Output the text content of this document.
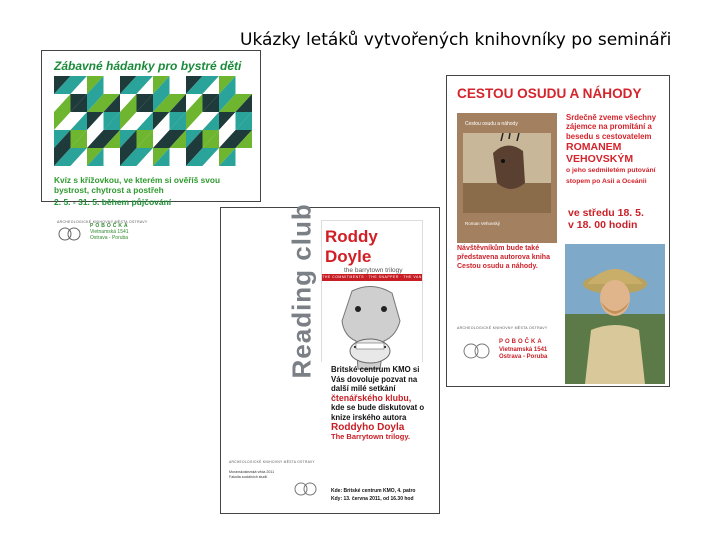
Ukázky letáků vytvořených knihovníky po semináři
Zábavné hádanky pro bystré děti
Kvíz s křížovkou, ve kterém si ověříš svou bystrost, chytrost a postřeh
2. 5. - 31. 5. během půjčování
ARCHEOLOGICKÉ KNIHOVNY MĚSTA OSTRAVY
POBOČKA
Vietnamská 1541
Ostrava - Poruba	Reading club Roddy Doyle
the barrytown trilogy
THE COMMITMENTS · THE SNAPPER · THE VAN
Britské centrum KMO si Vás dovoluje pozvat na další milé setkání
čtenářského klubu,
kde se bude diskutovat o knize irského autora
Roddyho Doyla
The Barrytown trilogy.
ARCHEOLOGICKÉ KNIHOVNY MĚSTA OSTRAVY
Moravskoslezská věda 2011
Fakulta sociálních studií
Kde: Britské centrum KMO, 4. patro
Kdy: 13. června 2011, od 16.30 hod
CESTOU OSUDU A NÁHODY
Cestou osudu a náhody
Roman Vehovský
Srdečně zveme všechny zájemce na promítání a besedu s cestovatelem
ROMANEM
VEHOVSKÝM
o jeho sedmiletém putování stopem po Asii a Oceánii
ve středu 18. 5.
v 18. 00 hodin
Návštěvníkům bude také představena autorova kniha
Cestou osudu a náhody.
ARCHEOLOGICKÉ KNIHOVNY MĚSTA OSTRAVY
POBOČKA
Vietnamská 1541
Ostrava - Poruba
